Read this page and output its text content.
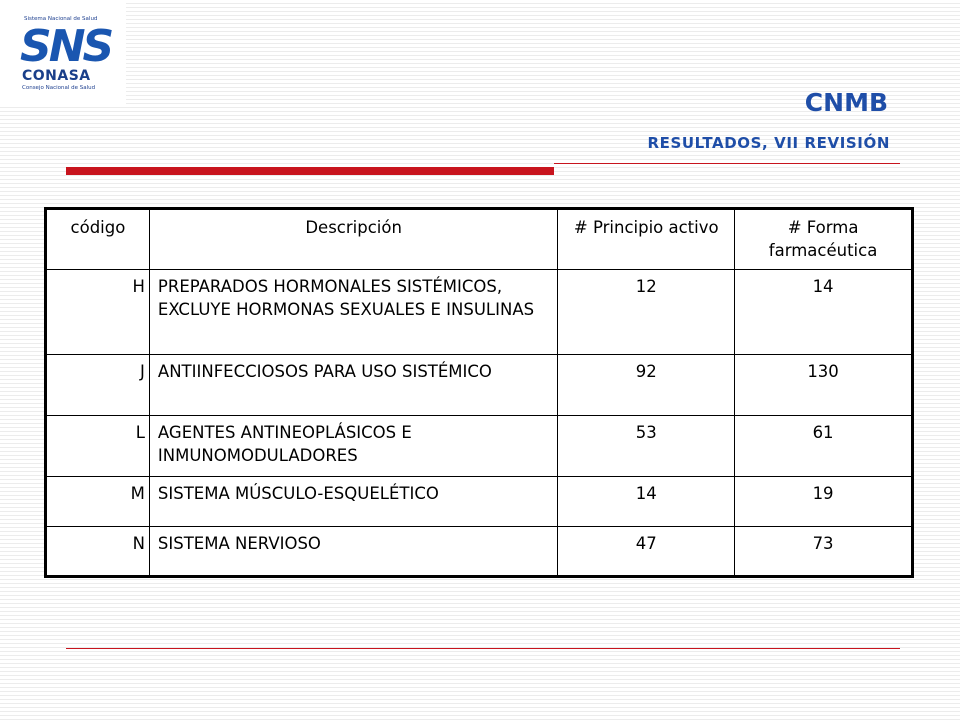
Sistema Nacional de Salud
SNS
CONASA
Consejo Nacional de Salud	CNMB
RESULTADOS, VII REVISIÓN
código	Descripción	# Principio activo	# Forma farmacéutica
H	PREPARADOS HORMONALES SISTÉMICOS, EXCLUYE HORMONAS SEXUALES E INSULINAS	12	14
J	ANTIINFECCIOSOS PARA USO SISTÉMICO	92	130
L	AGENTES ANTINEOPLÁSICOS E INMUNOMODULADORES	53	61
M	SISTEMA MÚSCULO-ESQUELÉTICO	14	19
N	SISTEMA NERVIOSO	47	73
